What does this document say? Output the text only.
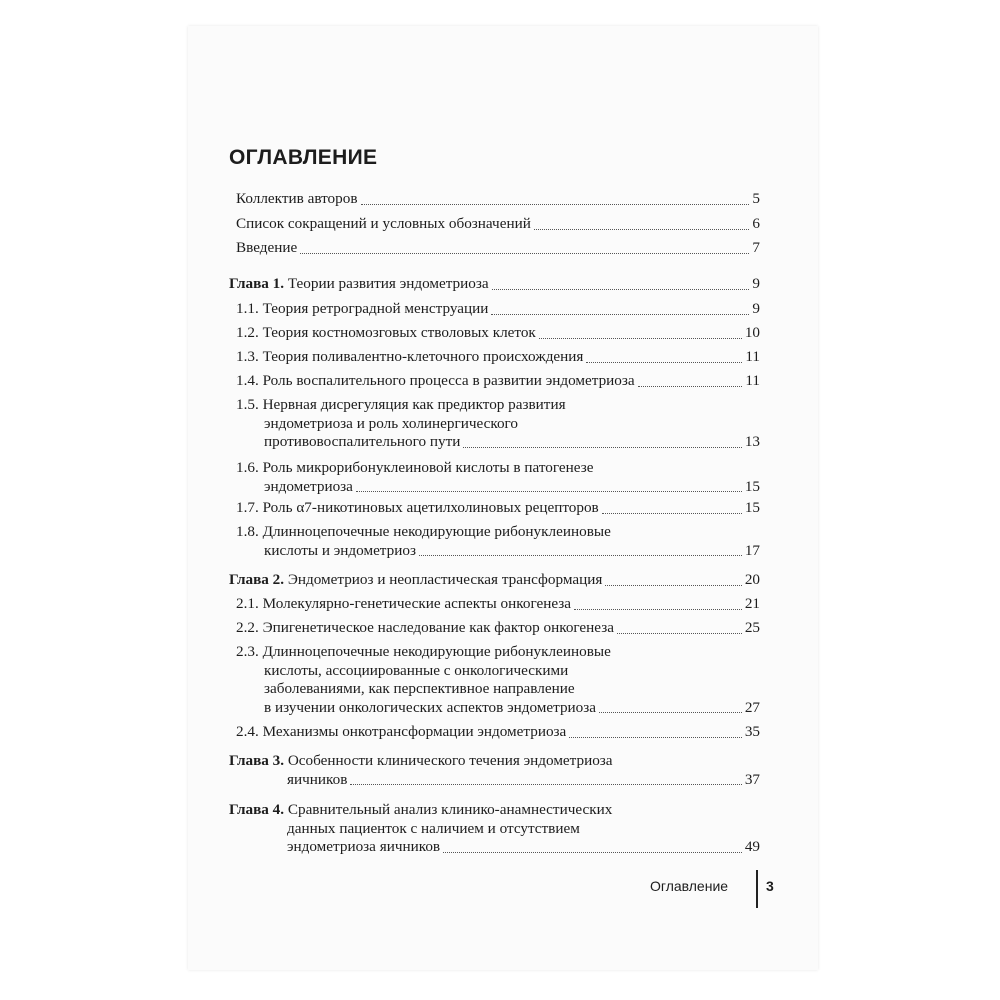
ОГЛАВЛЕНИЕ
Коллектив авторов	5
Список сокращений и условных обозначений	6
Введение	7
Глава 1. Теории развития эндометриоза	9
1.1. Теория ретроградной менструации	9
1.2. Теория костномозговых стволовых клеток	10
1.3. Теория поливалентно-клеточного происхождения	11
1.4. Роль воспалительного процесса в развитии эндометриоза	11
1.5. Нервная дисрегуляция как предиктор развития
эндометриоза и роль холинергического
противовоспалительного пути	13
1.6. Роль микрорибонуклеиновой кислоты в патогенезе
эндометриоза	15
1.7. Роль α7-никотиновых ацетилхолиновых рецепторов	15
1.8. Длинноцепочечные некодирующие рибонуклеиновые
кислоты и эндометриоз	17
Глава 2. Эндометриоз и неопластическая трансформация	20
2.1. Молекулярно-генетические аспекты онкогенеза	21
2.2. Эпигенетическое наследование как фактор онкогенеза	25
2.3. Длинноцепочечные некодирующие рибонуклеиновые
кислоты, ассоциированные с онкологическими
заболеваниями, как перспективное направление
в изучении онкологических аспектов эндометриоза	27
2.4. Механизмы онкотрансформации эндометриоза	35
Глава 3. Особенности клинического течения эндометриоза
яичников	37
Глава 4. Сравнительный анализ клинико-анамнестических
данных пациенток с наличием и отсутствием
эндометриоза яичников	49
Оглавление	3
